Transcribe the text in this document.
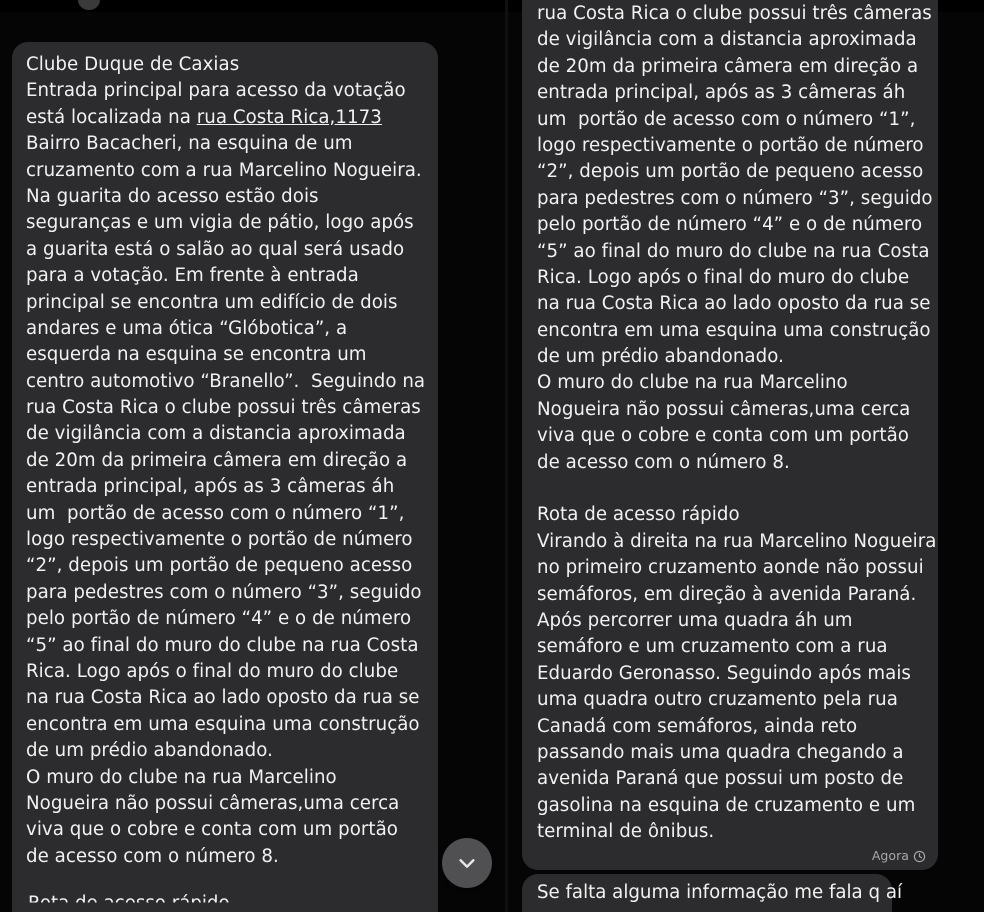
Clube Duque de Caxias
Entrada principal para acesso da votação
está localizada na rua Costa Rica,1173
Bairro Bacacheri, na esquina de um
cruzamento com a rua Marcelino Nogueira.
Na guarita do acesso estão dois
seguranças e um vigia de pátio, logo após
a guarita está o salão ao qual será usado
para a votação. Em frente à entrada
principal se encontra um edifício de dois
andares e uma ótica “Glóbotica”, a
esquerda na esquina se encontra um
centro automotivo “Branello”.  Seguindo na
rua Costa Rica o clube possui três câmeras
de vigilância com a distancia aproximada
de 20m da primeira câmera em direção a
entrada principal, após as 3 câmeras áh
um  portão de acesso com o número “1”,
logo respectivamente o portão de número
“2”, depois um portão de pequeno acesso
para pedestres com o número “3”, seguido
pelo portão de número “4” e o de número
“5” ao final do muro do clube na rua Costa
Rica. Logo após o final do muro do clube
na rua Costa Rica ao lado oposto da rua se
encontra em uma esquina uma construção
de um prédio abandonado.
O muro do clube na rua Marcelino
Nogueira não possui câmeras,uma cerca
viva que o cobre e conta com um portão
de acesso com o número 8.
rua Costa Rica o clube possui três câmeras
de vigilância com a distancia aproximada
de 20m da primeira câmera em direção a
entrada principal, após as 3 câmeras áh
um  portão de acesso com o número “1”,
logo respectivamente o portão de número
“2”, depois um portão de pequeno acesso
para pedestres com o número “3”, seguido
pelo portão de número “4” e o de número
“5” ao final do muro do clube na rua Costa
Rica. Logo após o final do muro do clube
na rua Costa Rica ao lado oposto da rua se
encontra em uma esquina uma construção
de um prédio abandonado.
O muro do clube na rua Marcelino
Nogueira não possui câmeras,uma cerca
viva que o cobre e conta com um portão
de acesso com o número 8.
Rota de acesso rápido
Virando à direita na rua Marcelino Nogueira
no primeiro cruzamento aonde não possui
semáforos, em direção à avenida Paraná.
Após percorrer uma quadra áh um
semáforo e um cruzamento com a rua
Eduardo Geronasso. Seguindo após mais
uma quadra outro cruzamento pela rua
Canadá com semáforos, ainda reto
passando mais uma quadra chegando a
avenida Paraná que possui um posto de
gasolina na esquina de cruzamento e um
terminal de ônibus.
Agora
Se falta alguma informação me fala q aí
